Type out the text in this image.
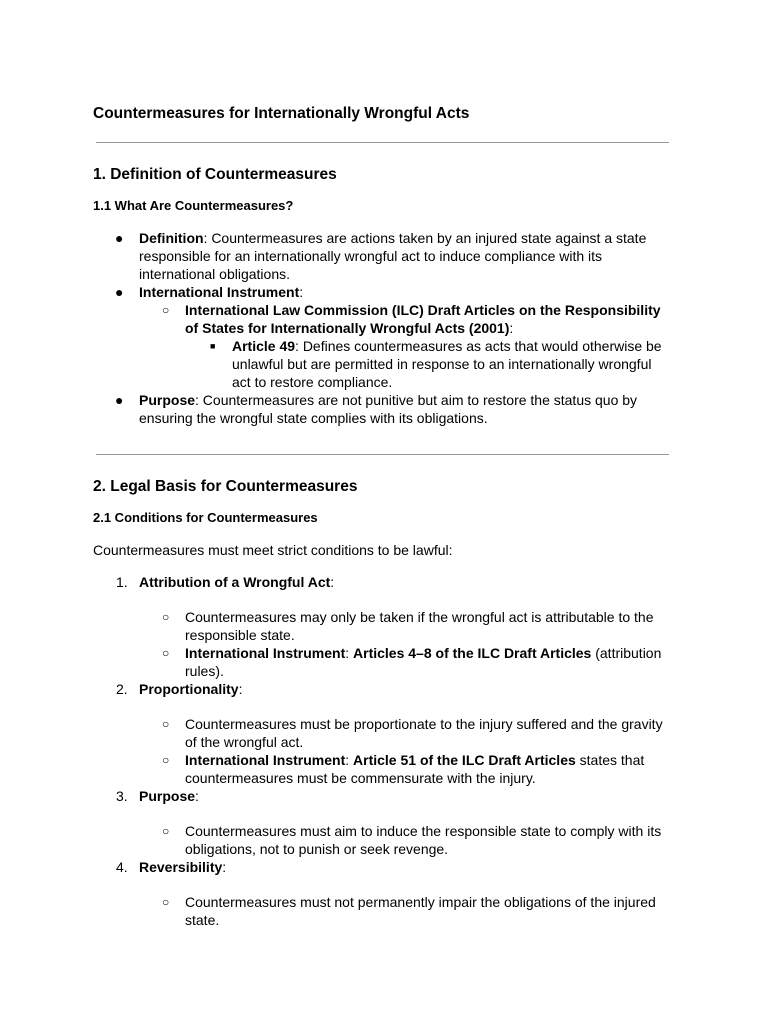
Countermeasures for Internationally Wrongful Acts
1. Definition of Countermeasures
1.1 What Are Countermeasures?
● Definition: Countermeasures are actions taken by an injured state against a state responsible for an internationally wrongful act to induce compliance with its international obligations.
● International Instrument:
○ International Law Commission (ILC) Draft Articles on the Responsibility of States for Internationally Wrongful Acts (2001):
■ Article 49: Defines countermeasures as acts that would otherwise be unlawful but are permitted in response to an internationally wrongful act to restore compliance.
● Purpose: Countermeasures are not punitive but aim to restore the status quo by ensuring the wrongful state complies with its obligations.
2. Legal Basis for Countermeasures
2.1 Conditions for Countermeasures

Countermeasures must meet strict conditions to be lawful:

1. Attribution of a Wrongful Act:
○ Countermeasures may only be taken if the wrongful act is attributable to the responsible state.
○ International Instrument: Articles 4–8 of the ILC Draft Articles (attribution rules).
2. Proportionality:
○ Countermeasures must be proportionate to the injury suffered and the gravity of the wrongful act.
○ International Instrument: Article 51 of the ILC Draft Articles states that countermeasures must be commensurate with the injury.
3. Purpose:
○ Countermeasures must aim to induce the responsible state to comply with its obligations, not to punish or seek revenge.
4. Reversibility:
○ Countermeasures must not permanently impair the obligations of the injured state.
